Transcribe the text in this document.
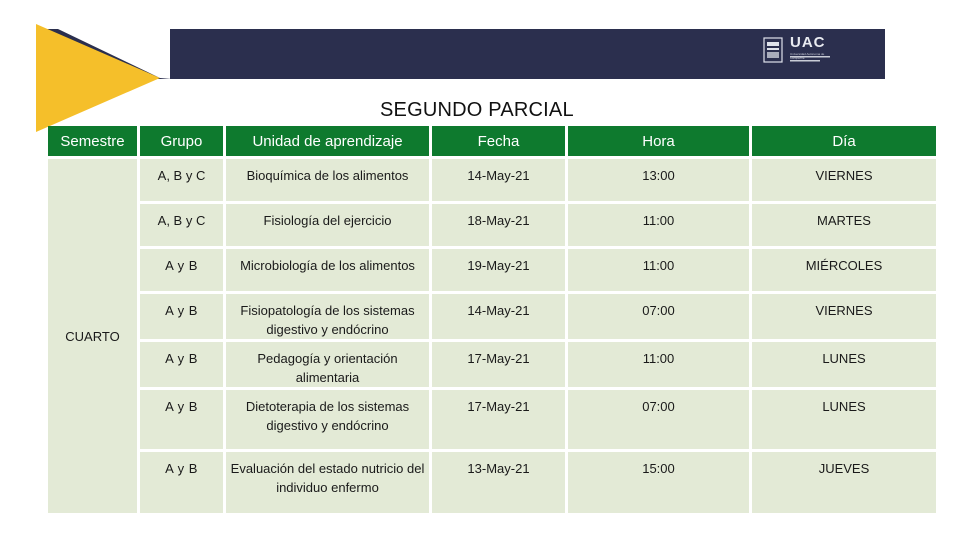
UAC
Universidad Autónoma de Campeche
SEGUNDO PARCIAL
Semestre	Grupo	Unidad de aprendizaje	Fecha	Hora	Día
CUARTO	A, B y C	Bioquímica de los alimentos	14-May-21	13:00	VIERNES
	A, B y C	Fisiología del ejercicio	18-May-21	11:00	MARTES
	A y B	Microbiología de los alimentos	19-May-21	11:00	MIÉRCOLES
	A y B	Fisiopatología de los sistemas digestivo y endócrino	14-May-21	07:00	VIERNES
	A y B	Pedagogía y orientación alimentaria	17-May-21	11:00	LUNES
	A y B	Dietoterapia de los sistemas digestivo y endócrino	17-May-21	07:00	LUNES
	A y B	Evaluación del estado nutricio del individuo enfermo	13-May-21	15:00	JUEVES
